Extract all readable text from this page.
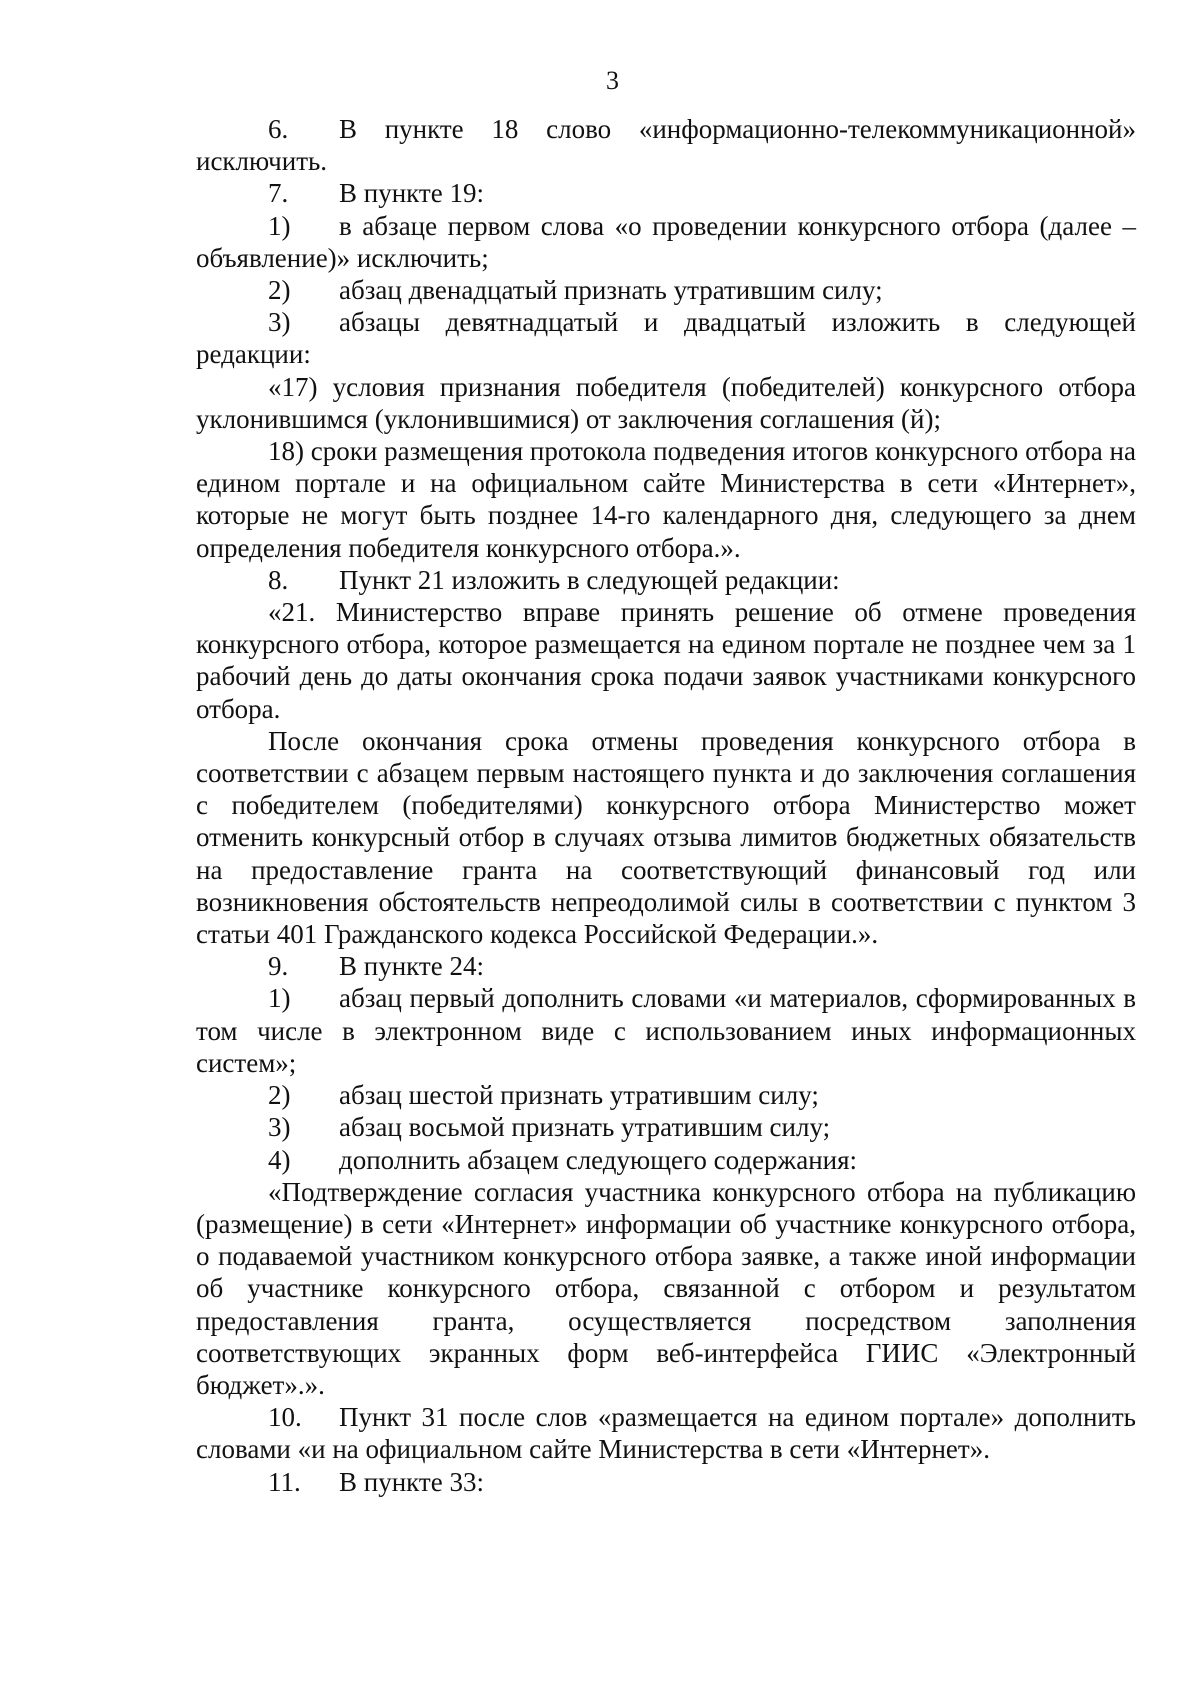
3

6. В пункте 18 слово «информационно-телекоммуникационной» исключить.

7. В пункте 19:

1) в абзаце первом слова «о проведении конкурсного отбора (далее – объявление)» исключить;

2) абзац двенадцатый признать утратившим силу;

3) абзацы девятнадцатый и двадцатый изложить в следующей редакции:

«17) условия признания победителя (победителей) конкурсного отбора уклонившимся (уклонившимися) от заключения соглашения (й);

18) сроки размещения протокола подведения итогов конкурсного отбора на едином портале и на официальном сайте Министерства в сети «Интернет», которые не могут быть позднее 14-го календарного дня, следующего за днем определения победителя конкурсного отбора.».

8. Пункт 21 изложить в следующей редакции:

«21. Министерство вправе принять решение об отмене проведения конкурсного отбора, которое размещается на едином портале не позднее чем за 1 рабочий день до даты окончания срока подачи заявок участниками конкурсного отбора.

После окончания срока отмены проведения конкурсного отбора в соответствии с абзацем первым настоящего пункта и до заключения соглашения с победителем (победителями) конкурсного отбора Министерство может отменить конкурсный отбор в случаях отзыва лимитов бюджетных обязательств на предоставление гранта на соответствующий финансовый год или возникновения обстоятельств непреодолимой силы в соответствии с пунктом 3 статьи 401 Гражданского кодекса Российской Федерации.».

9. В пункте 24:

1) абзац первый дополнить словами «и материалов, сформированных в том числе в электронном виде с использованием иных информационных систем»;

2) абзац шестой признать утратившим силу;

3) абзац восьмой признать утратившим силу;

4) дополнить абзацем следующего содержания:

«Подтверждение согласия участника конкурсного отбора на публикацию (размещение) в сети «Интернет» информации об участнике конкурсного отбора, о подаваемой участником конкурсного отбора заявке, а также иной информации об участнике конкурсного отбора, связанной с отбором и результатом предоставления гранта, осуществляется посредством заполнения соответствующих экранных форм веб-интерфейса ГИИС «Электронный бюджет».».

10. Пункт 31 после слов «размещается на едином портале» дополнить словами «и на официальном сайте Министерства в сети «Интернет».

11. В пункте 33:
